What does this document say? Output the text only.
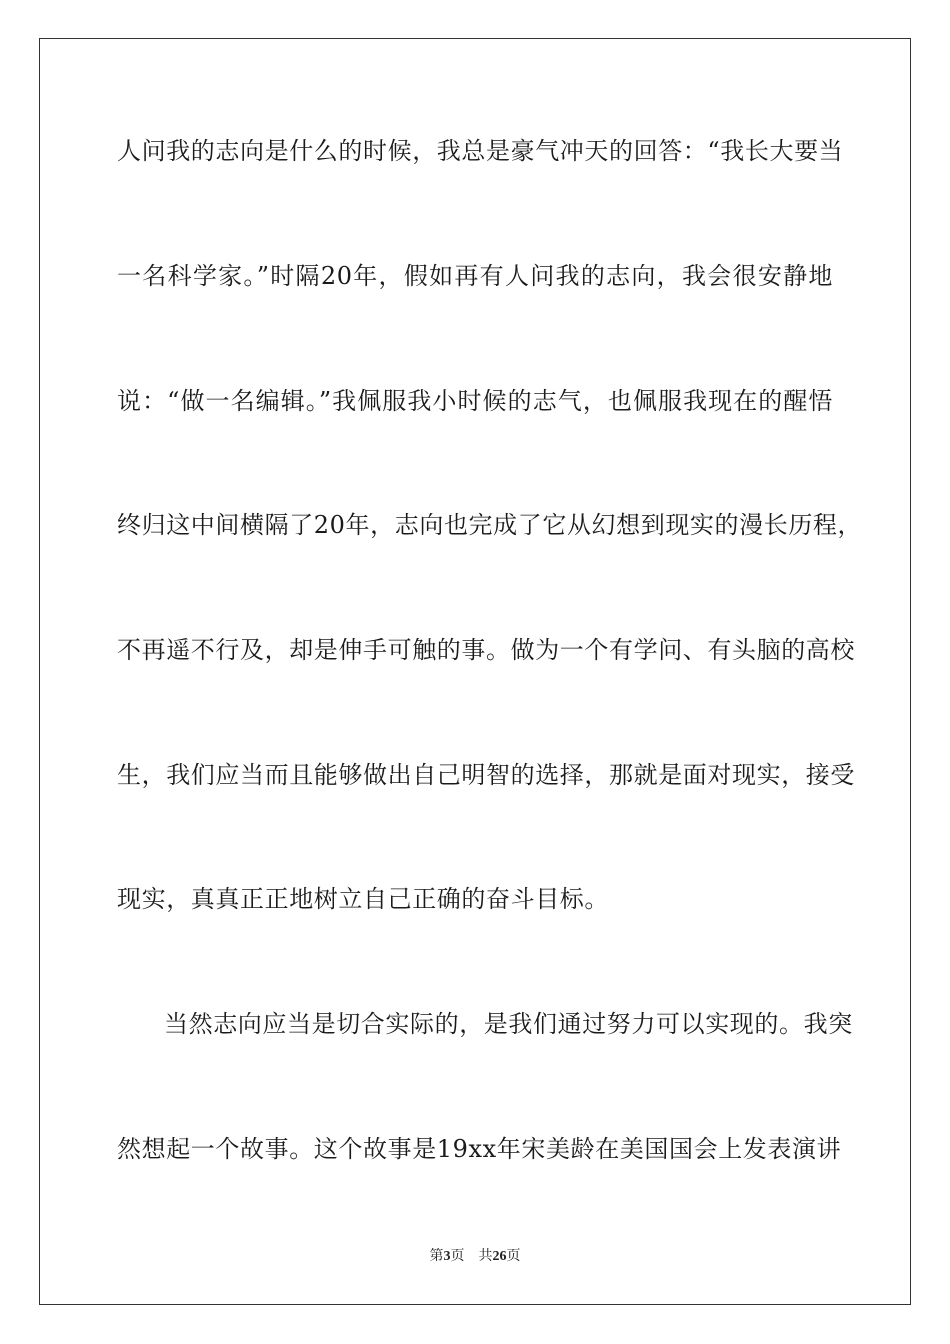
人问我的志向是什么的时候，我总是豪气冲天的回答：“我长大要当
一名科学家。”时隔20年，假如再有人问我的志向，我会很安静地
说：“做一名编辑。”我佩服我小时候的志气，也佩服我现在的醒悟
终归这中间横隔了20年，志向也完成了它从幻想到现实的漫长历程，
不再遥不行及，却是伸手可触的事。做为一个有学问、有头脑的高校
生，我们应当而且能够做出自己明智的选择，那就是面对现实，接受
现实，真真正正地树立自己正确的奋斗目标。
当然志向应当是切合实际的，是我们通过努力可以实现的。我突
然想起一个故事。这个故事是19xx年宋美龄在美国国会上发表演讲
第3页 共26页
